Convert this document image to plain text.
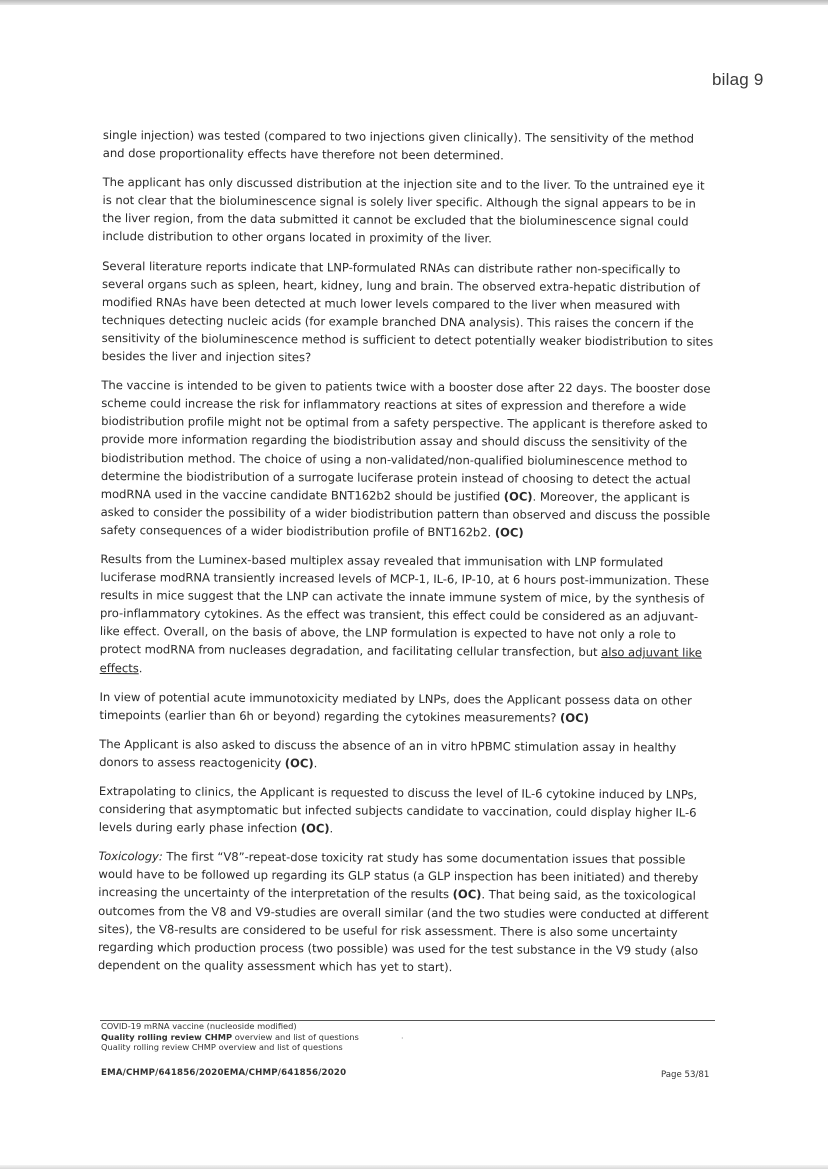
bilag 9

single injection) was tested (compared to two injections given clinically). The sensitivity of the method and dose proportionality effects have therefore not been determined.

The applicant has only discussed distribution at the injection site and to the liver. To the untrained eye it is not clear that the bioluminescence signal is solely liver specific. Although the signal appears to be in the liver region, from the data submitted it cannot be excluded that the bioluminescence signal could include distribution to other organs located in proximity of the liver.

Several literature reports indicate that LNP-formulated RNAs can distribute rather non-specifically to several organs such as spleen, heart, kidney, lung and brain. The observed extra-hepatic distribution of modified RNAs have been detected at much lower levels compared to the liver when measured with techniques detecting nucleic acids (for example branched DNA analysis). This raises the concern if the sensitivity of the bioluminescence method is sufficient to detect potentially weaker biodistribution to sites besides the liver and injection sites?

The vaccine is intended to be given to patients twice with a booster dose after 22 days. The booster dose scheme could increase the risk for inflammatory reactions at sites of expression and therefore a wide biodistribution profile might not be optimal from a safety perspective. The applicant is therefore asked to provide more information regarding the biodistribution assay and should discuss the sensitivity of the biodistribution method. The choice of using a non-validated/non-qualified bioluminescence method to determine the biodistribution of a surrogate luciferase protein instead of choosing to detect the actual modRNA used in the vaccine candidate BNT162b2 should be justified (OC). Moreover, the applicant is asked to consider the possibility of a wider biodistribution pattern than observed and discuss the possible safety consequences of a wider biodistribution profile of BNT162b2. (OC)

Results from the Luminex-based multiplex assay revealed that immunisation with LNP formulated luciferase modRNA transiently increased levels of MCP-1, IL-6, IP-10, at 6 hours post-immunization. These results in mice suggest that the LNP can activate the innate immune system of mice, by the synthesis of pro-inflammatory cytokines. As the effect was transient, this effect could be considered as an adjuvant-like effect. Overall, on the basis of above, the LNP formulation is expected to have not only a role to protect modRNA from nucleases degradation, and facilitating cellular transfection, but also adjuvant like effects.

In view of potential acute immunotoxicity mediated by LNPs, does the Applicant possess data on other timepoints (earlier than 6h or beyond) regarding the cytokines measurements? (OC)

The Applicant is also asked to discuss the absence of an in vitro hPBMC stimulation assay in healthy donors to assess reactogenicity (OC).

Extrapolating to clinics, the Applicant is requested to discuss the level of IL-6 cytokine induced by LNPs, considering that asymptomatic but infected subjects candidate to vaccination, could display higher IL-6 levels during early phase infection (OC).

Toxicology: The first “V8”-repeat-dose toxicity rat study has some documentation issues that possible would have to be followed up regarding its GLP status (a GLP inspection has been initiated) and thereby increasing the uncertainty of the interpretation of the results (OC). That being said, as the toxicological outcomes from the V8 and V9-studies are overall similar (and the two studies were conducted at different sites), the V8-results are considered to be useful for risk assessment. There is also some uncertainty regarding which production process (two possible) was used for the test substance in the V9 study (also dependent on the quality assessment which has yet to start).

COVID-19 mRNA vaccine (nucleoside modified)
Quality rolling review CHMP overview and list of questions
Quality rolling review CHMP overview and list of questions
·
EMA/CHMP/641856/2020EMA/CHMP/641856/2020	Page 53/81
